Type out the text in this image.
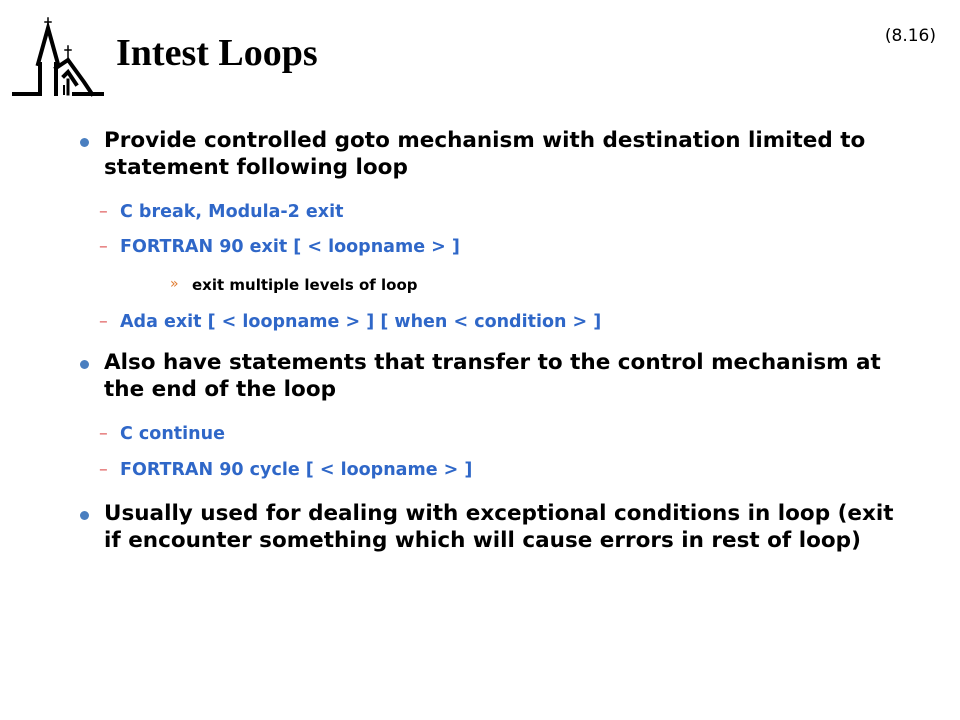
Intest Loops	(8.16)
Provide controlled goto mechanism with destination limited to statement following loop
– C break, Modula-2 exit
– FORTRAN 90 exit [ < loopname > ]
» exit multiple levels of loop
– Ada exit [ < loopname > ] [ when < condition > ]
Also have statements that transfer to the control mechanism at the end of the loop
– C continue
– FORTRAN 90 cycle [ < loopname > ]
Usually used for dealing with exceptional conditions in loop (exit if encounter something which will cause errors in rest of loop)
